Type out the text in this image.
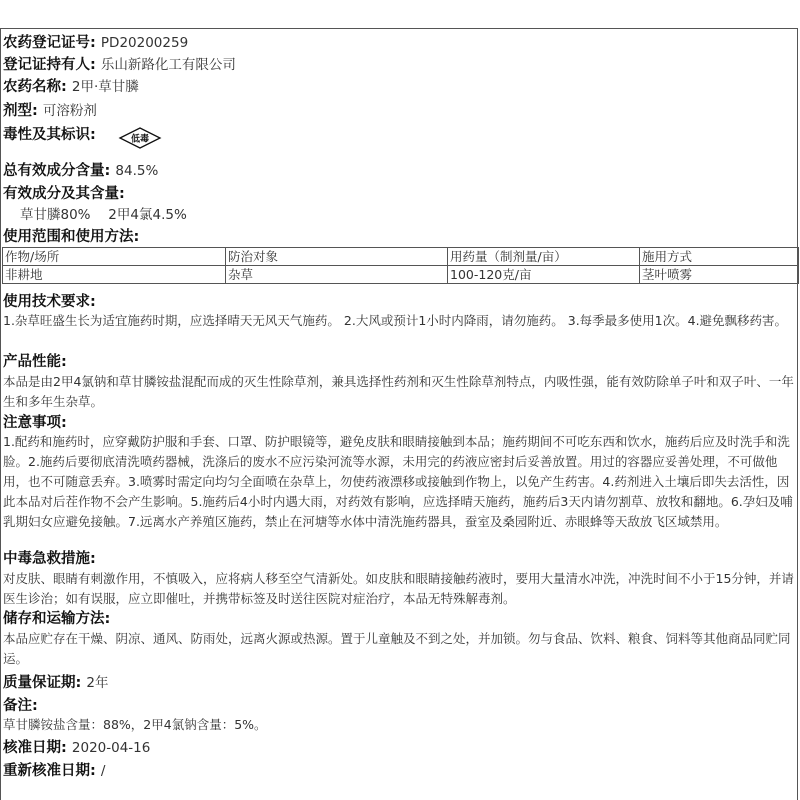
农药登记证号: PD20200259
登记证持有人: 乐山新路化工有限公司
农药名称: 2甲·草甘膦
剂型: 可溶粉剂
毒性及其标识:	低毒
总有效成分含量: 84.5%
有效成分及其含量:
草甘膦80%　 2甲4氯4.5%
使用范围和使用方法:
作物/场所	防治对象	用药量（制剂量/亩）	施用方式
非耕地	杂草	100-120克/亩	茎叶喷雾
使用技术要求:
1.杂草旺盛生长为适宜施药时期，应选择晴天无风天气施药。 2.大风或预计1小时内降雨，请勿施药。 3.每季最多使用1次。4.避免飘移药害。
产品性能:
本品是由2甲4氯钠和草甘膦铵盐混配而成的灭生性除草剂，兼具选择性药剂和灭生性除草剂特点，内吸性强，能有效防除单子叶和双子叶、一年生和多年生杂草。
注意事项:
1.配药和施药时，应穿戴防护服和手套、口罩、防护眼镜等，避免皮肤和眼睛接触到本品；施药期间不可吃东西和饮水，施药后应及时洗手和洗脸。2.施药后要彻底清洗喷药器械，洗涤后的废水不应污染河流等水源，未用完的药液应密封后妥善放置。用过的容器应妥善处理，不可做他用，也不可随意丢弃。3.喷雾时需定向均匀全面喷在杂草上，勿使药液漂移或接触到作物上，以免产生药害。4.药剂进入土壤后即失去活性，因此本品对后茬作物不会产生影响。5.施药后4小时内遇大雨，对药效有影响，应选择晴天施药，施药后3天内请勿割草、放牧和翻地。6.孕妇及哺乳期妇女应避免接触。7.远离水产养殖区施药，禁止在河塘等水体中清洗施药器具，蚕室及桑园附近、赤眼蜂等天敌放飞区域禁用。
中毒急救措施:
对皮肤、眼睛有刺激作用，不慎吸入，应将病人移至空气清新处。如皮肤和眼睛接触药液时，要用大量清水冲洗，冲洗时间不小于15分钟，并请医生诊治；如有误服，应立即催吐，并携带标签及时送往医院对症治疗，本品无特殊解毒剂。
储存和运输方法:
本品应贮存在干燥、阴凉、通风、防雨处，远离火源或热源。置于儿童触及不到之处，并加锁。勿与食品、饮料、粮食、饲料等其他商品同贮同运。
质量保证期: 2年
备注:
草甘膦铵盐含量：88%，2甲4氯钠含量：5%。
核准日期: 2020-04-16
重新核准日期: /
